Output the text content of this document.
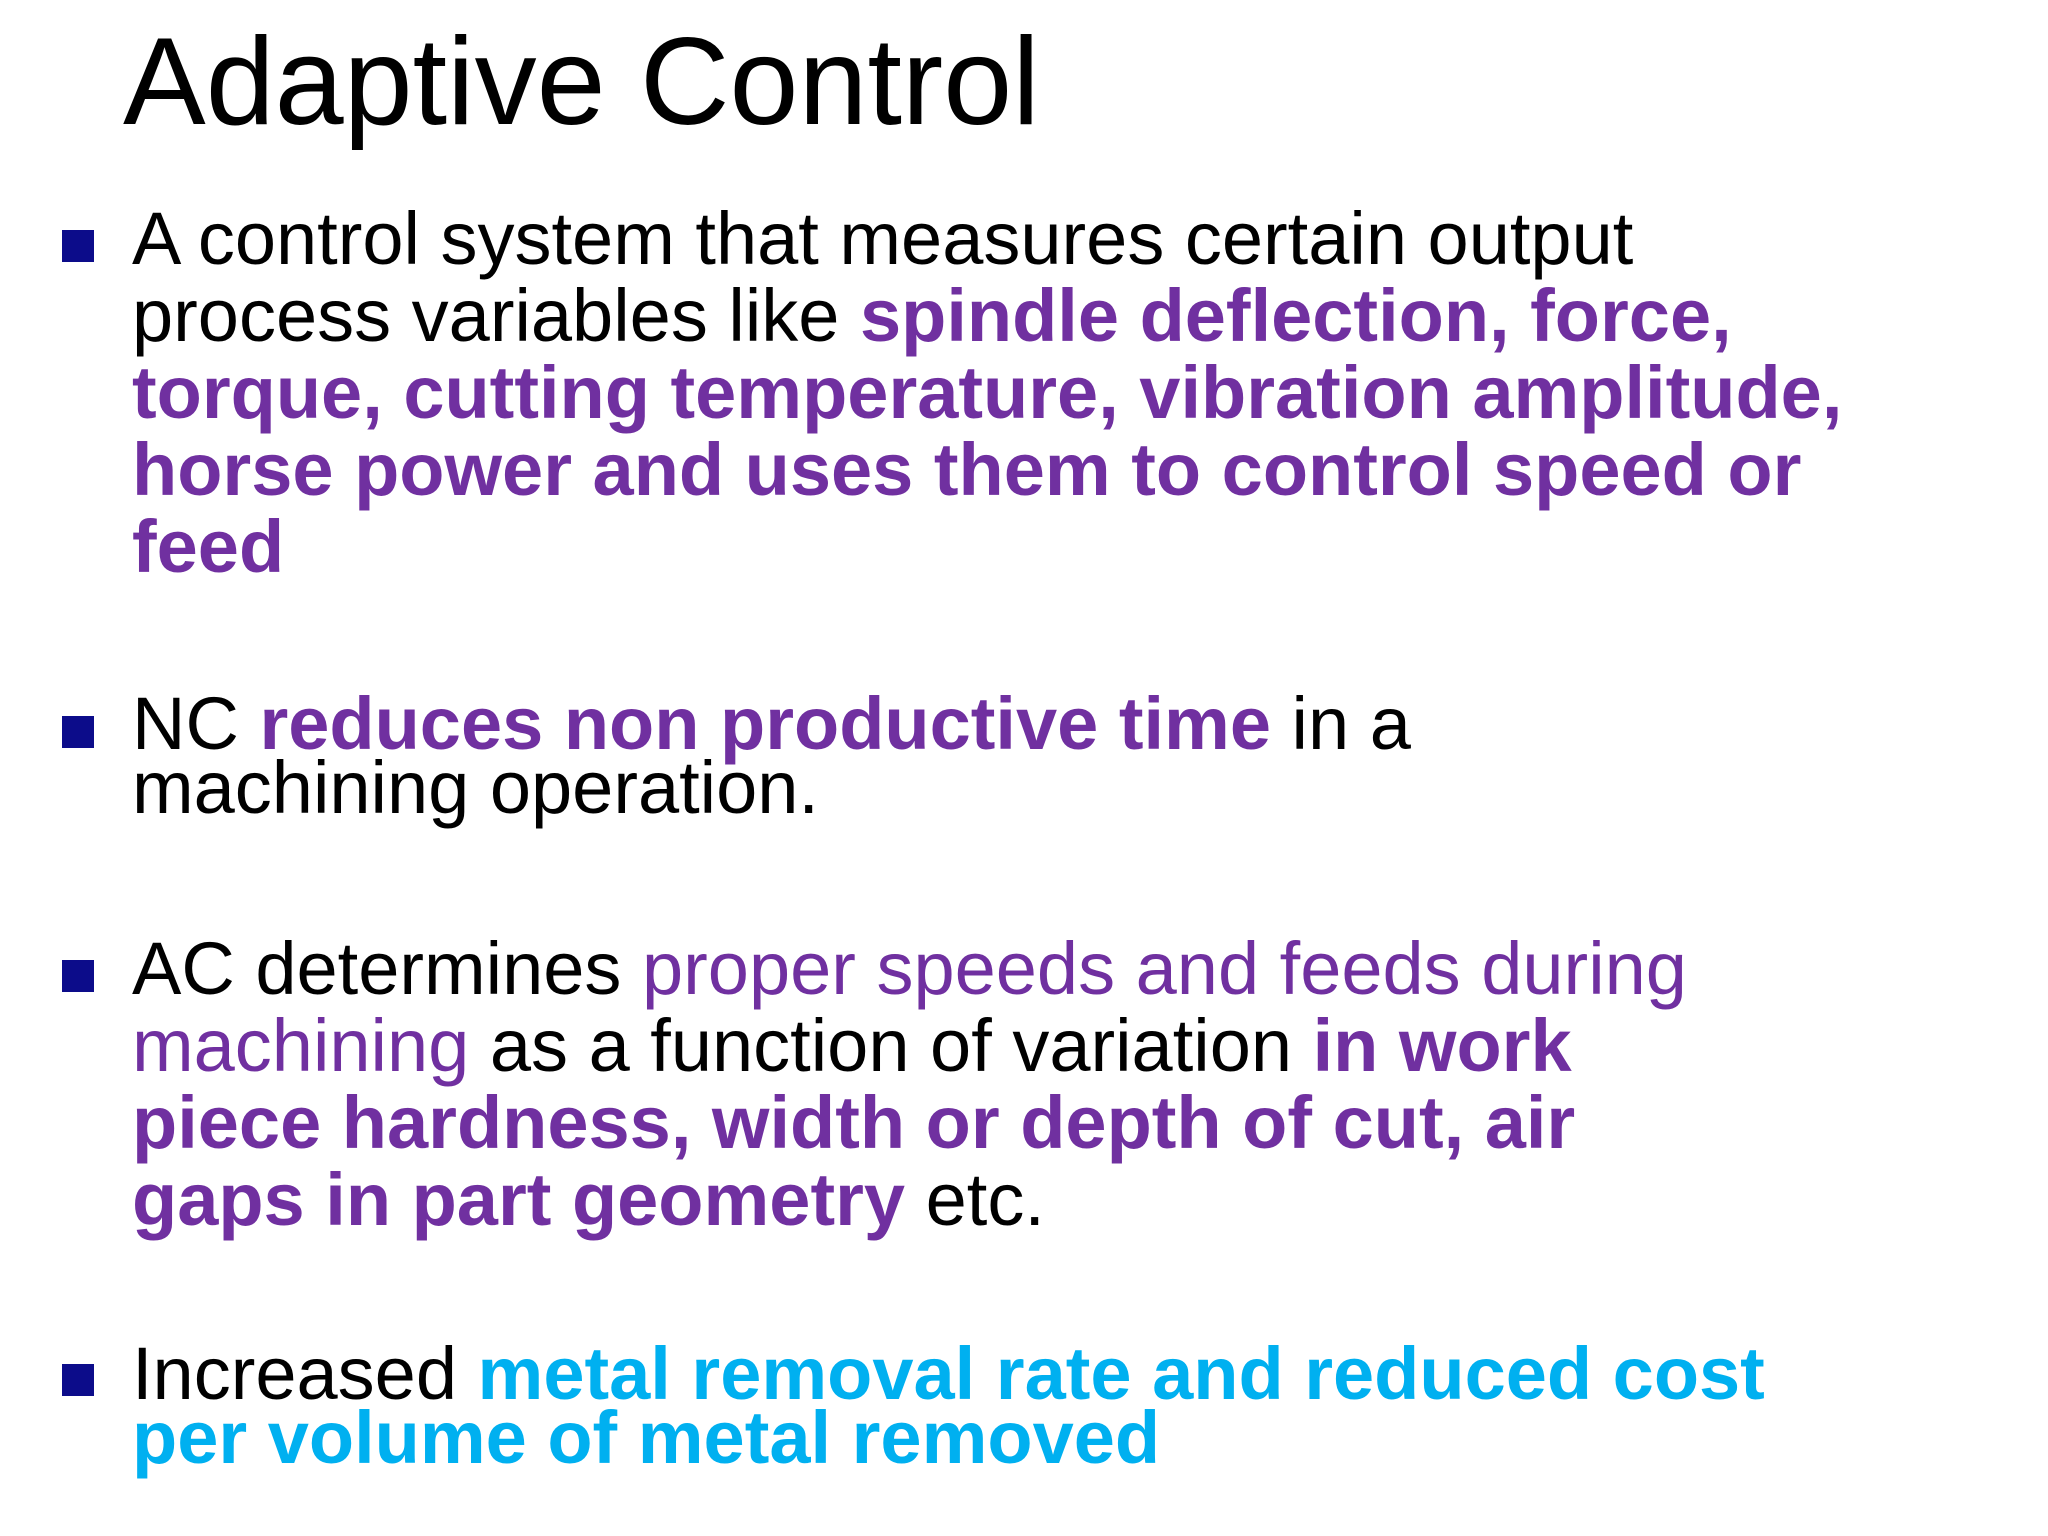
Adaptive Control

A control system that measures certain output
process variables like spindle deflection, force,
torque, cutting temperature, vibration amplitude,
horse power and uses them to control speed or
feed

NC reduces non productive time in a
machining operation.

AC determines proper speeds and feeds during
machining as a function of variation in work
piece hardness, width or depth of cut, air
gaps in part geometry etc.

Increased metal removal rate and reduced cost
per volume of metal removed
